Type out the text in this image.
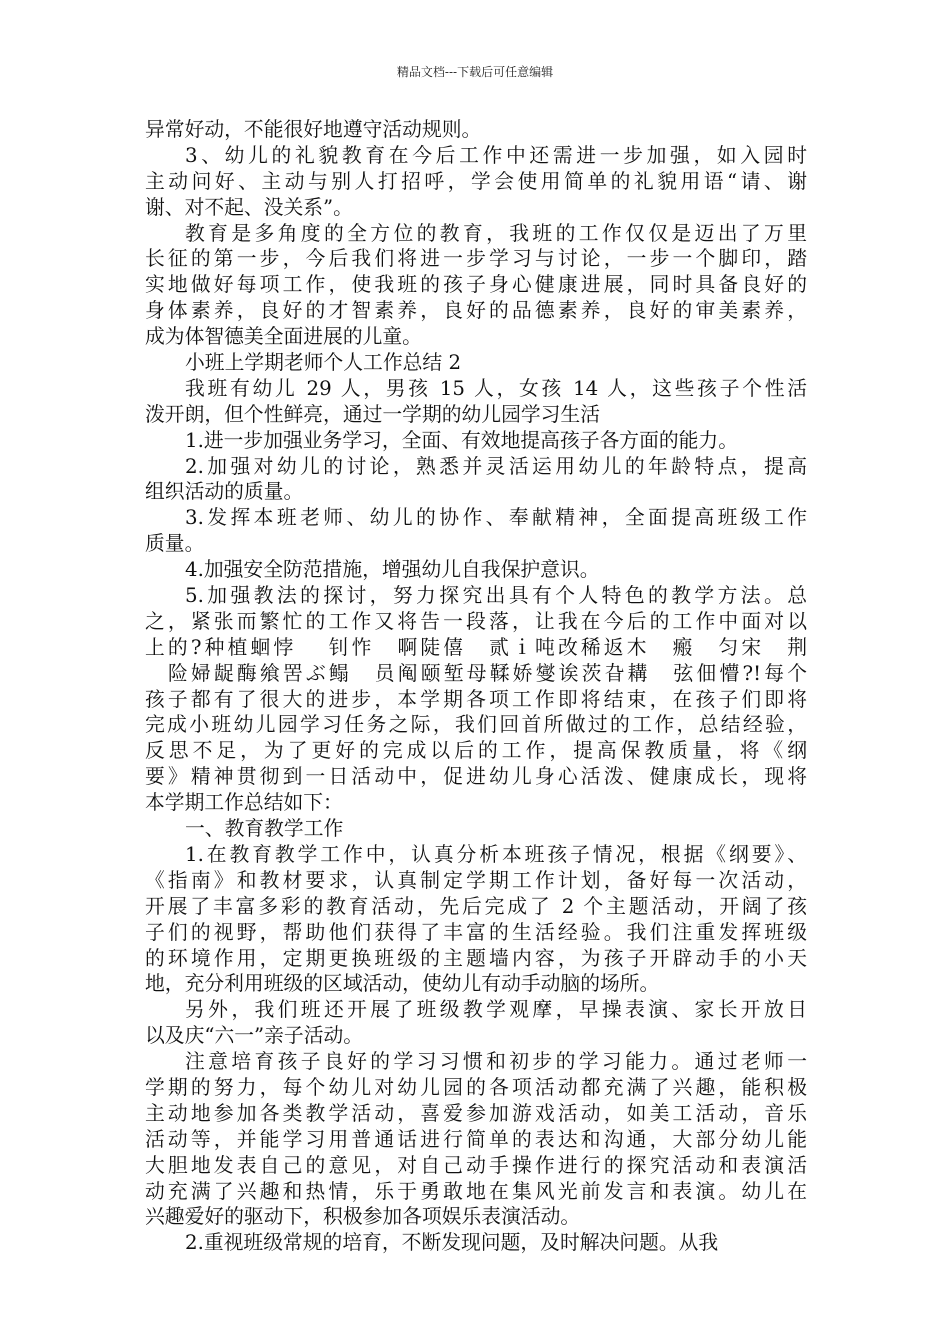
精品文档---下载后可任意编辑
异常好动，不能很好地遵守活动规则。
3、幼儿的礼貌教育在今后工作中还需进一步加强，如入园时
主动问好、主动与别人打招呼，学会使用简单的礼貌用语“请、谢
谢、对不起、没关系”。
教育是多角度的全方位的教育，我班的工作仅仅是迈出了万里
长征的第一步，今后我们将进一步学习与讨论，一步一个脚印，踏
实地做好每项工作，使我班的孩子身心健康进展，同时具备良好的
身体素养，良好的才智素养，良好的品德素养，良好的审美素养，
成为体智德美全面进展的儿童。
小班上学期老师个人工作总结 2
我班有幼儿 29 人，男孩 15 人，女孩 14 人，这些孩子个性活
泼开朗，但个性鲜亮，通过一学期的幼儿园学习生活
1.进一步加强业务学习，全面、有效地提高孩子各方面的能力。
2.加强对幼儿的讨论，熟悉并灵活运用幼儿的年龄特点，提高
组织活动的质量。
3.发挥本班老师、幼儿的协作、奉献精神，全面提高班级工作
质量。
4.加强安全防范措施，增强幼儿自我保护意识。
5.加强教法的探讨，努力探究出具有个人特色的教学方法。总
之，紧张而繁忙的工作又将告一段落，让我在今后的工作中面对以
上的?种植蛔悖　 钊怍　啊陡僖　贰ｉ吨改稀返木　瘢　匀宋　荆
　险婦龊酶飨罟ぶ鳎　员阄颐堑母鞣娇燮诶茨旮耩　弦佃懵?!每个
孩子都有了很大的进步，本学期各项工作即将结束，在孩子们即将
完成小班幼儿园学习任务之际，我们回首所做过的工作，总结经验，
反思不足，为了更好的完成以后的工作，提高保教质量，将《纲
要》精神贯彻到一日活动中，促进幼儿身心活泼、健康成长，现将
本学期工作总结如下：
一、教育教学工作
1.在教育教学工作中，认真分析本班孩子情况，根据《纲要》、
《指南》和教材要求，认真制定学期工作计划，备好每一次活动，
开展了丰富多彩的教育活动，先后完成了 2 个主题活动，开阔了孩
子们的视野，帮助他们获得了丰富的生活经验。我们注重发挥班级
的环境作用，定期更换班级的主题墙内容，为孩子开辟动手的小天
地，充分利用班级的区域活动，使幼儿有动手动脑的场所。
另外，我们班还开展了班级教学观摩，早操表演、家长开放日
以及庆“六一”亲子活动。
注意培育孩子良好的学习习惯和初步的学习能力。通过老师一
学期的努力，每个幼儿对幼儿园的各项活动都充满了兴趣，能积极
主动地参加各类教学活动，喜爱参加游戏活动，如美工活动，音乐
活动等，并能学习用普通话进行简单的表达和沟通，大部分幼儿能
大胆地发表自己的意见，对自己动手操作进行的探究活动和表演活
动充满了兴趣和热情，乐于勇敢地在集风光前发言和表演。幼儿在
兴趣爱好的驱动下，积极参加各项娱乐表演活动。
2.重视班级常规的培育，不断发现问题，及时解决问题。从我
